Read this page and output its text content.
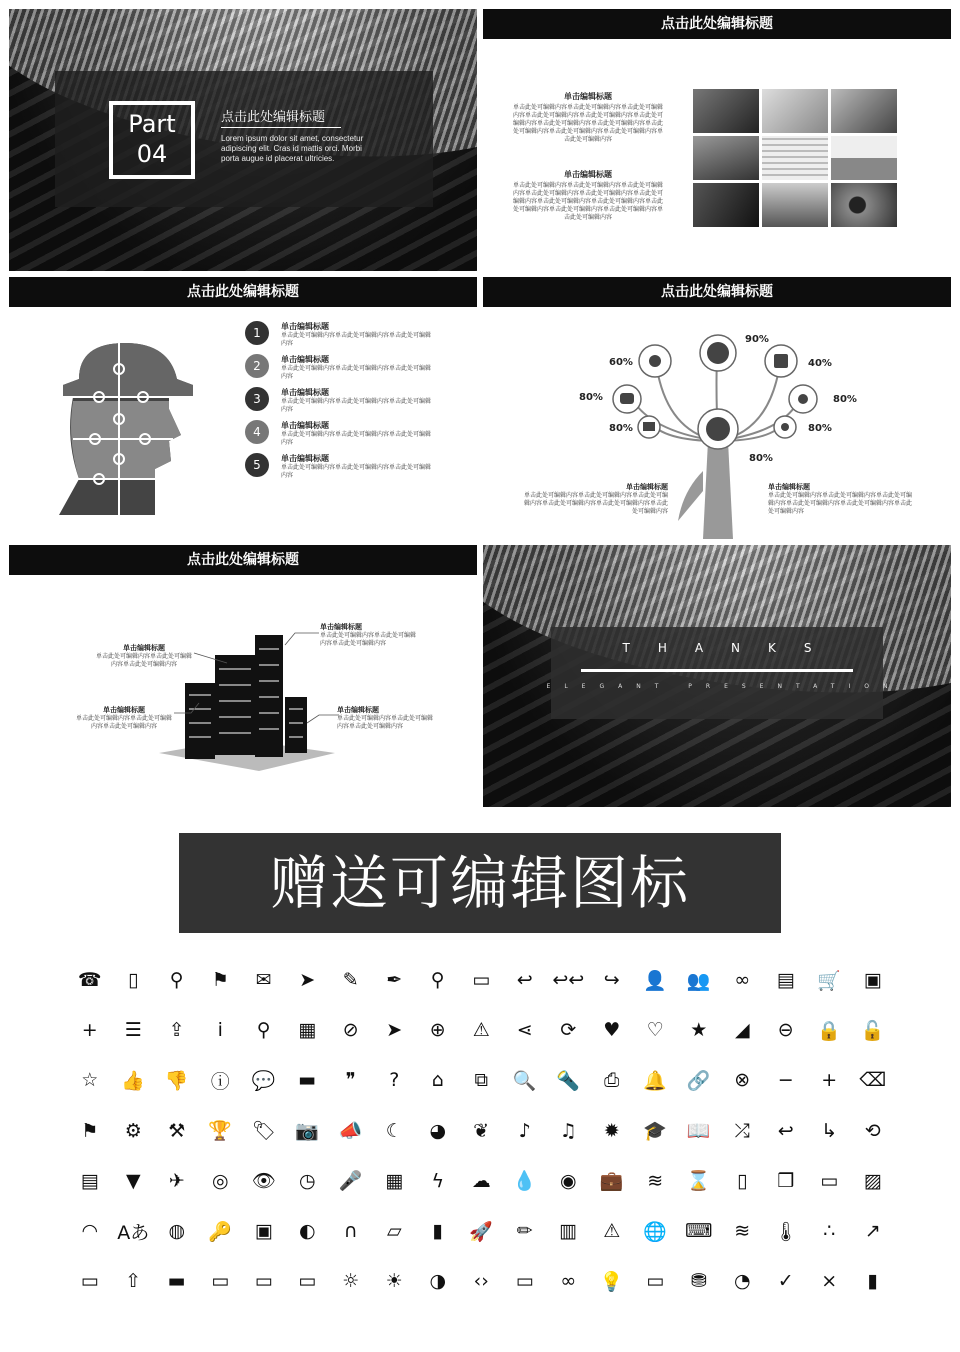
Part
04
点击此处编辑标题
Lorem ipsum dolor sit amet, consectetur adipiscing elit. Cras id mattis orci. Morbi porta augue id placerat ultricies.
点击此处编辑标题
单击编辑标题
单击此处可编辑内容单击此处可编辑内容单击此处可编辑内容单击此处可编辑内容单击此处可编辑内容单击此处可编辑内容单击此处可编辑内容单击此处可编辑内容单击此处可编辑内容单击此处可编辑内容单击此处可编辑内容单击此处可编辑内容
单击编辑标题
单击此处可编辑内容单击此处可编辑内容单击此处可编辑内容单击此处可编辑内容单击此处可编辑内容单击此处可编辑内容单击此处可编辑内容单击此处可编辑内容单击此处可编辑内容单击此处可编辑内容单击此处可编辑内容单击此处可编辑内容
点击此处编辑标题
1	单击编辑标题
单击此处可编辑内容单击此处可编辑内容单击此处可编辑内容
2	单击编辑标题
单击此处可编辑内容单击此处可编辑内容单击此处可编辑内容
3	单击编辑标题
单击此处可编辑内容单击此处可编辑内容单击此处可编辑内容
4	单击编辑标题
单击此处可编辑内容单击此处可编辑内容单击此处可编辑内容
5	单击编辑标题
单击此处可编辑内容单击此处可编辑内容单击此处可编辑内容
点击此处编辑标题
60%
80%
90%
80%
40%
80%
80%
80%
单击编辑标题
单击此处可编辑内容单击此处可编辑内容单击此处可编辑内容单击此处可编辑内容单击此处可编辑内容单击此处可编辑内容
单击编辑标题
单击此处可编辑内容单击此处可编辑内容单击此处可编辑内容单击此处可编辑内容单击此处可编辑内容单击此处可编辑内容
点击此处编辑标题
单击编辑标题
单击此处可编辑内容单击此处可编辑内容单击此处可编辑内容
单击编辑标题
单击此处可编辑内容单击此处可编辑内容单击此处可编辑内容
单击编辑标题
单击此处可编辑内容单击此处可编辑内容单击此处可编辑内容
单击编辑标题
单击此处可编辑内容单击此处可编辑内容单击此处可编辑内容
THANKS
ELEGANT PRESENTATION
赠送可编辑图标
☎	▯	⚲	⚑	✉	➤	✎	✒	⚲	▭	↩	↩↩	↪	👤	👥	∞	▤	🛒	▣
+	☰	⇪	i	⚲	▦	⊘	➤	⊕	⚠	⋖	⟳	♥	♡	★	◢	⊖	🔒	🔓
☆	👍	👎	ⓘ	💬	▬	❞	?	⌂	⧉	🔍	🔦	⎙	🔔	🔗	⊗	−	+	⌫
⚑	⚙	⚒	🏆	🏷	📷	📣	☾	◕	❦	♪	♫	✹	🎓	📖	⤮	↩	↳	⟲
▤	▼	✈	◎	👁	◷	🎤	▦	ϟ	☁	💧	◉	💼	≋	⌛	▯	❒	▭	▨
◠	Aあ	◍	🔑	▣	◐	∩	▱	▮	🚀	✏	▥	⚠	🌐 ⌨	≋	🌡	∴	↗
▭	⇧	▬	▭	▭	▭	☼	☀	◑	‹›	▭	∞	💡	▭	⛃	◔	✓	×	▮
